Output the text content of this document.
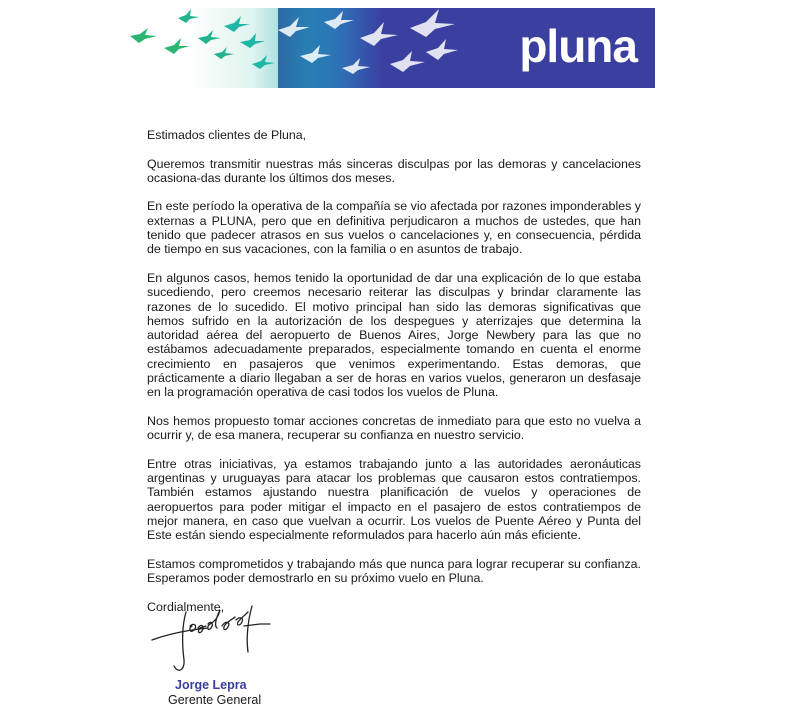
pluna

Estimados clientes de Pluna,

Queremos transmitir nuestras más sinceras disculpas por las demoras y cancelaciones ocasiona-das durante los últimos dos meses.

En este período la operativa de la compañía se vio afectada por razones imponderables y externas a PLUNA, pero que en definitiva perjudicaron a muchos de ustedes, que han tenido que padecer atrasos en sus vuelos o cancelaciones y, en consecuencia, pérdida de tiempo en sus vacaciones, con la familia o en asuntos de trabajo.

En algunos casos, hemos tenido la oportunidad de dar una explicación de lo que estaba sucediendo, pero creemos necesario reiterar las disculpas y brindar claramente las razones de lo sucedido. El motivo principal han sido las demoras significativas que hemos sufrido en la autorización de los despegues y aterrizajes que determina la autoridad aérea del aeropuerto de Buenos Aires, Jorge Newbery para las que no estábamos adecuadamente preparados, especialmente tomando en cuenta el enorme crecimiento en pasajeros que venimos experimentando. Estas demoras, que prácticamente a diario llegaban a ser de horas en varios vuelos, generaron un desfasaje en la programación operativa de casi todos los vuelos de Pluna.

Nos hemos propuesto tomar acciones concretas de inmediato para que esto no vuelva a ocurrir y, de esa manera, recuperar su confianza en nuestro servicio.

Entre otras iniciativas, ya estamos trabajando junto a las autoridades aeronáuticas argentinas y uruguayas para atacar los problemas que causaron estos contratiempos. También estamos ajustando nuestra planificación de vuelos y operaciones de aeropuertos para poder mitigar el impacto en el pasajero de estos contratiempos de mejor manera, en caso que vuelvan a ocurrir. Los vuelos de Puente Aéreo y Punta del Este están siendo especialmente reformulados para hacerlo aún más eficiente.

Estamos comprometidos y trabajando más que nunca para lograr recuperar su confianza. Esperamos poder demostrarlo en su próximo vuelo en Pluna.

Cordialmente,

Jorge Lepra
Gerente General
